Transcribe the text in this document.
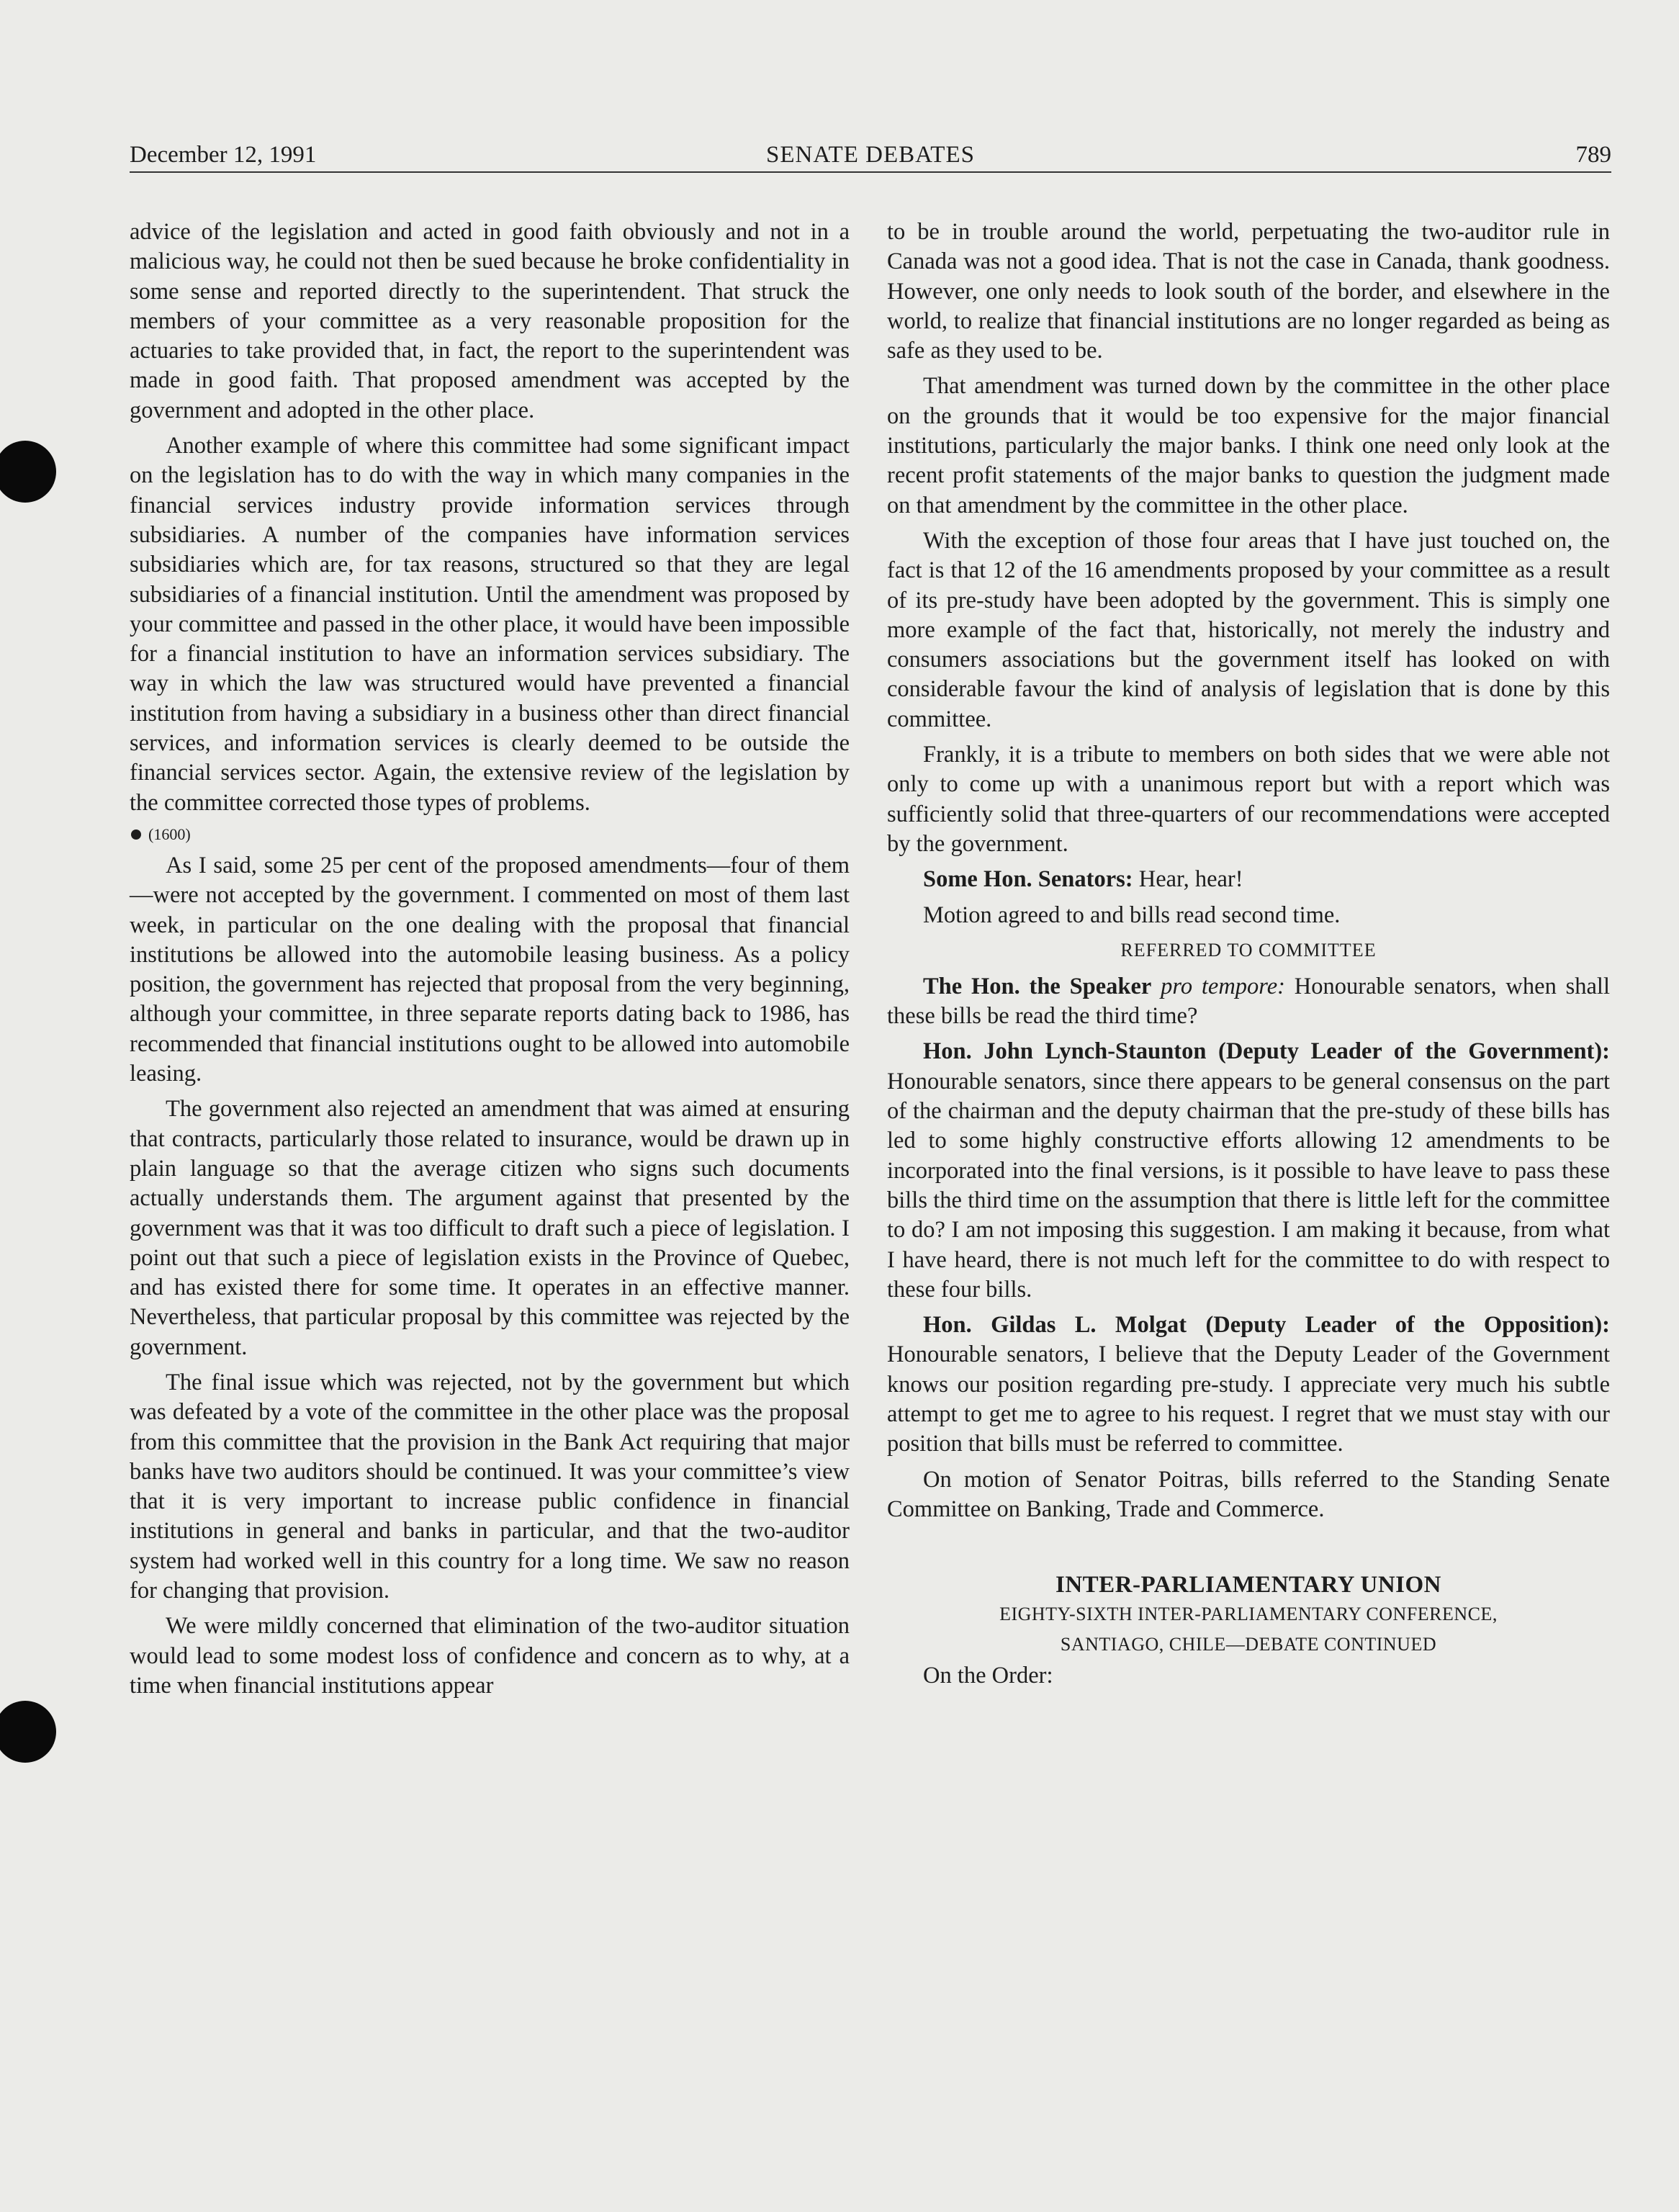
December 12, 1991	SENATE DEBATES	789

advice of the legislation and acted in good faith obviously and not in a malicious way, he could not then be sued because he broke confidentiality in some sense and reported directly to the superintendent. That struck the members of your committee as a very reasonable proposition for the actuaries to take provided that, in fact, the report to the superintendent was made in good faith. That proposed amendment was accepted by the government and adopted in the other place.

Another example of where this committee had some significant impact on the legislation has to do with the way in which many companies in the financial services industry provide information services through subsidiaries. A number of the companies have information services subsidiaries which are, for tax reasons, structured so that they are legal subsidiaries of a financial institution. Until the amendment was proposed by your committee and passed in the other place, it would have been impossible for a financial institution to have an information services subsidiary. The way in which the law was structured would have prevented a financial institution from having a subsidiary in a business other than direct financial services, and information services is clearly deemed to be outside the financial services sector. Again, the extensive review of the legislation by the committee corrected those types of problems.

(1600)

As I said, some 25 per cent of the proposed amendments—four of them—were not accepted by the government. I commented on most of them last week, in particular on the one dealing with the proposal that financial institutions be allowed into the automobile leasing business. As a policy position, the government has rejected that proposal from the very beginning, although your committee, in three separate reports dating back to 1986, has recommended that financial institutions ought to be allowed into automobile leasing.

The government also rejected an amendment that was aimed at ensuring that contracts, particularly those related to insurance, would be drawn up in plain language so that the average citizen who signs such documents actually understands them. The argument against that presented by the government was that it was too difficult to draft such a piece of legislation. I point out that such a piece of legislation exists in the Province of Quebec, and has existed there for some time. It operates in an effective manner. Nevertheless, that particular proposal by this committee was rejected by the government.

The final issue which was rejected, not by the government but which was defeated by a vote of the committee in the other place was the proposal from this committee that the provision in the Bank Act requiring that major banks have two auditors should be continued. It was your committee’s view that it is very important to increase public confidence in financial institutions in general and banks in particular, and that the two-auditor system had worked well in this country for a long time. We saw no reason for changing that provision.

We were mildly concerned that elimination of the two-auditor situation would lead to some modest loss of confidence and concern as to why, at a time when financial institutions appear

to be in trouble around the world, perpetuating the two-auditor rule in Canada was not a good idea. That is not the case in Canada, thank goodness. However, one only needs to look south of the border, and elsewhere in the world, to realize that financial institutions are no longer regarded as being as safe as they used to be.

That amendment was turned down by the committee in the other place on the grounds that it would be too expensive for the major financial institutions, particularly the major banks. I think one need only look at the recent profit statements of the major banks to question the judgment made on that amendment by the committee in the other place.

With the exception of those four areas that I have just touched on, the fact is that 12 of the 16 amendments proposed by your committee as a result of its pre-study have been adopted by the government. This is simply one more example of the fact that, historically, not merely the industry and consumers associations but the government itself has looked on with considerable favour the kind of analysis of legislation that is done by this committee.

Frankly, it is a tribute to members on both sides that we were able not only to come up with a unanimous report but with a report which was sufficiently solid that three-quarters of our recommendations were accepted by the government.

Some Hon. Senators: Hear, hear!

Motion agreed to and bills read second time.

REFERRED TO COMMITTEE

The Hon. the Speaker pro tempore: Honourable senators, when shall these bills be read the third time?

Hon. John Lynch-Staunton (Deputy Leader of the Government): Honourable senators, since there appears to be general consensus on the part of the chairman and the deputy chairman that the pre-study of these bills has led to some highly constructive efforts allowing 12 amendments to be incorporated into the final versions, is it possible to have leave to pass these bills the third time on the assumption that there is little left for the committee to do? I am not imposing this suggestion. I am making it because, from what I have heard, there is not much left for the committee to do with respect to these four bills.

Hon. Gildas L. Molgat (Deputy Leader of the Opposition): Honourable senators, I believe that the Deputy Leader of the Government knows our position regarding pre-study. I appreciate very much his subtle attempt to get me to agree to his request. I regret that we must stay with our position that bills must be referred to committee.

On motion of Senator Poitras, bills referred to the Standing Senate Committee on Banking, Trade and Commerce.

INTER-PARLIAMENTARY UNION
EIGHTY-SIXTH INTER-PARLIAMENTARY CONFERENCE,
SANTIAGO, CHILE—DEBATE CONTINUED

On the Order:
